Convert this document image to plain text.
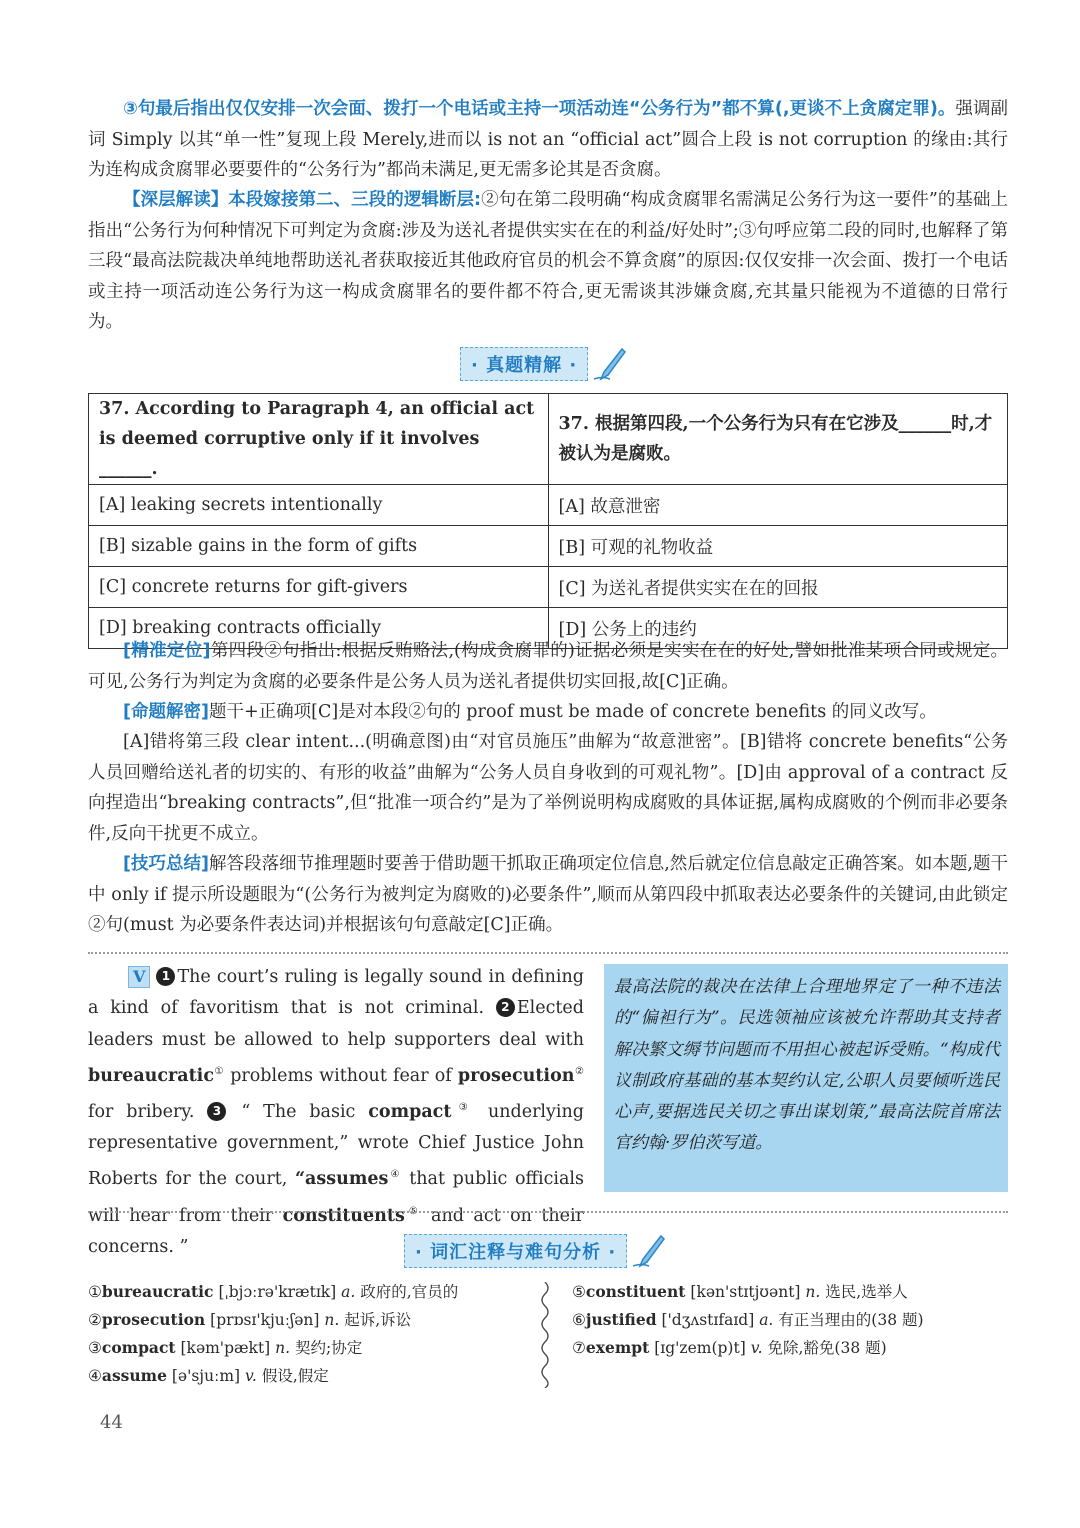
③句最后指出仅仅安排一次会面、拨打一个电话或主持一项活动连“公务行为”都不算(,更谈不上贪腐定罪)。强调副词 Simply 以其“单一性”复现上段 Merely,进而以 is not an “official act”圆合上段 is not corruption 的缘由:其行为连构成贪腐罪必要要件的“公务行为”都尚未满足,更无需多论其是否贪腐。

【深层解读】本段嫁接第二、三段的逻辑断层:②句在第二段明确“构成贪腐罪名需满足公务行为这一要件”的基础上指出“公务行为何种情况下可判定为贪腐:涉及为送礼者提供实实在在的利益/好处时”;③句呼应第二段的同时,也解释了第三段“最高法院裁决单纯地帮助送礼者获取接近其他政府官员的机会不算贪腐”的原因:仅仅安排一次会面、拨打一个电话或主持一项活动连公务行为这一构成贪腐罪名的要件都不符合,更无需谈其涉嫌贪腐,充其量只能视为不道德的日常行为。

· 真题精解 ·
37. According to Paragraph 4, an official act is deemed corruptive only if it involves ______.	37. 根据第四段,一个公务行为只有在它涉及______时,才被认为是腐败。
[A] leaking secrets intentionally	[A] 故意泄密
[B] sizable gains in the form of gifts	[B] 可观的礼物收益
[C] concrete returns for gift-givers	[C] 为送礼者提供实实在在的回报
[D] breaking contracts officially	[D] 公务上的违约

[精准定位]第四段②句指出:根据反贿赂法,(构成贪腐罪的)证据必须是实实在在的好处,譬如批准某项合同或规定。可见,公务行为判定为贪腐的必要条件是公务人员为送礼者提供切实回报,故[C]正确。

[命题解密]题干+正确项[C]是对本段②句的 proof must be made of concrete benefits 的同义改写。

[A]错将第三段 clear intent...(明确意图)由“对官员施压”曲解为“故意泄密”。[B]错将 concrete benefits“公务人员回赠给送礼者的切实的、有形的收益”曲解为“公务人员自身收到的可观礼物”。[D]由 approval of a contract 反向捏造出“breaking contracts”,但“批准一项合约”是为了举例说明构成腐败的具体证据,属构成腐败的个例而非必要条件,反向干扰更不成立。

[技巧总结]解答段落细节推理题时要善于借助题干抓取正确项定位信息,然后就定位信息敲定正确答案。如本题,题干中 only if 提示所设题眼为“(公务行为被判定为腐败的)必要条件”,顺而从第四段中抓取表达必要条件的关键词,由此锁定②句(must 为必要条件表达词)并根据该句句意敲定[C]正确。

V 1 The court’s ruling is legally sound in defining a kind of favoritism that is not criminal. 2 Elected leaders must be allowed to help supporters deal with bureaucratic① problems without fear of prosecution② for bribery. 3 “ The basic compact③ underlying representative government,” wrote Chief Justice John Roberts for the court, “assumes④ that public officials will hear from their constituents⑤ and act on their concerns. ”

最高法院的裁决在法律上合理地界定了一种不违法的“偏袒行为”。民选领袖应该被允许帮助其支持者解决繁文缛节问题而不用担心被起诉受贿。“构成代议制政府基础的基本契约认定,公职人员要倾听选民心声,要据选民关切之事出谋划策,”最高法院首席法官约翰·罗伯茨写道。
· 词汇注释与难句分析 ·
①bureaucratic [ˌbjɔːrə'krætɪk] a. 政府的,官员的
②prosecution [prɒsɪ'kjuːʃən] n. 起诉,诉讼
③compact [kəm'pækt] n. 契约;协定
④assume [ə'sjuːm] v. 假设,假定
⑤constituent [kən'stɪtjʊənt] n. 选民,选举人
⑥justified ['dʒʌstɪfaɪd] a. 有正当理由的(38 题)
⑦exempt [ɪg'zem(p)t] v. 免除,豁免(38 题)
44
